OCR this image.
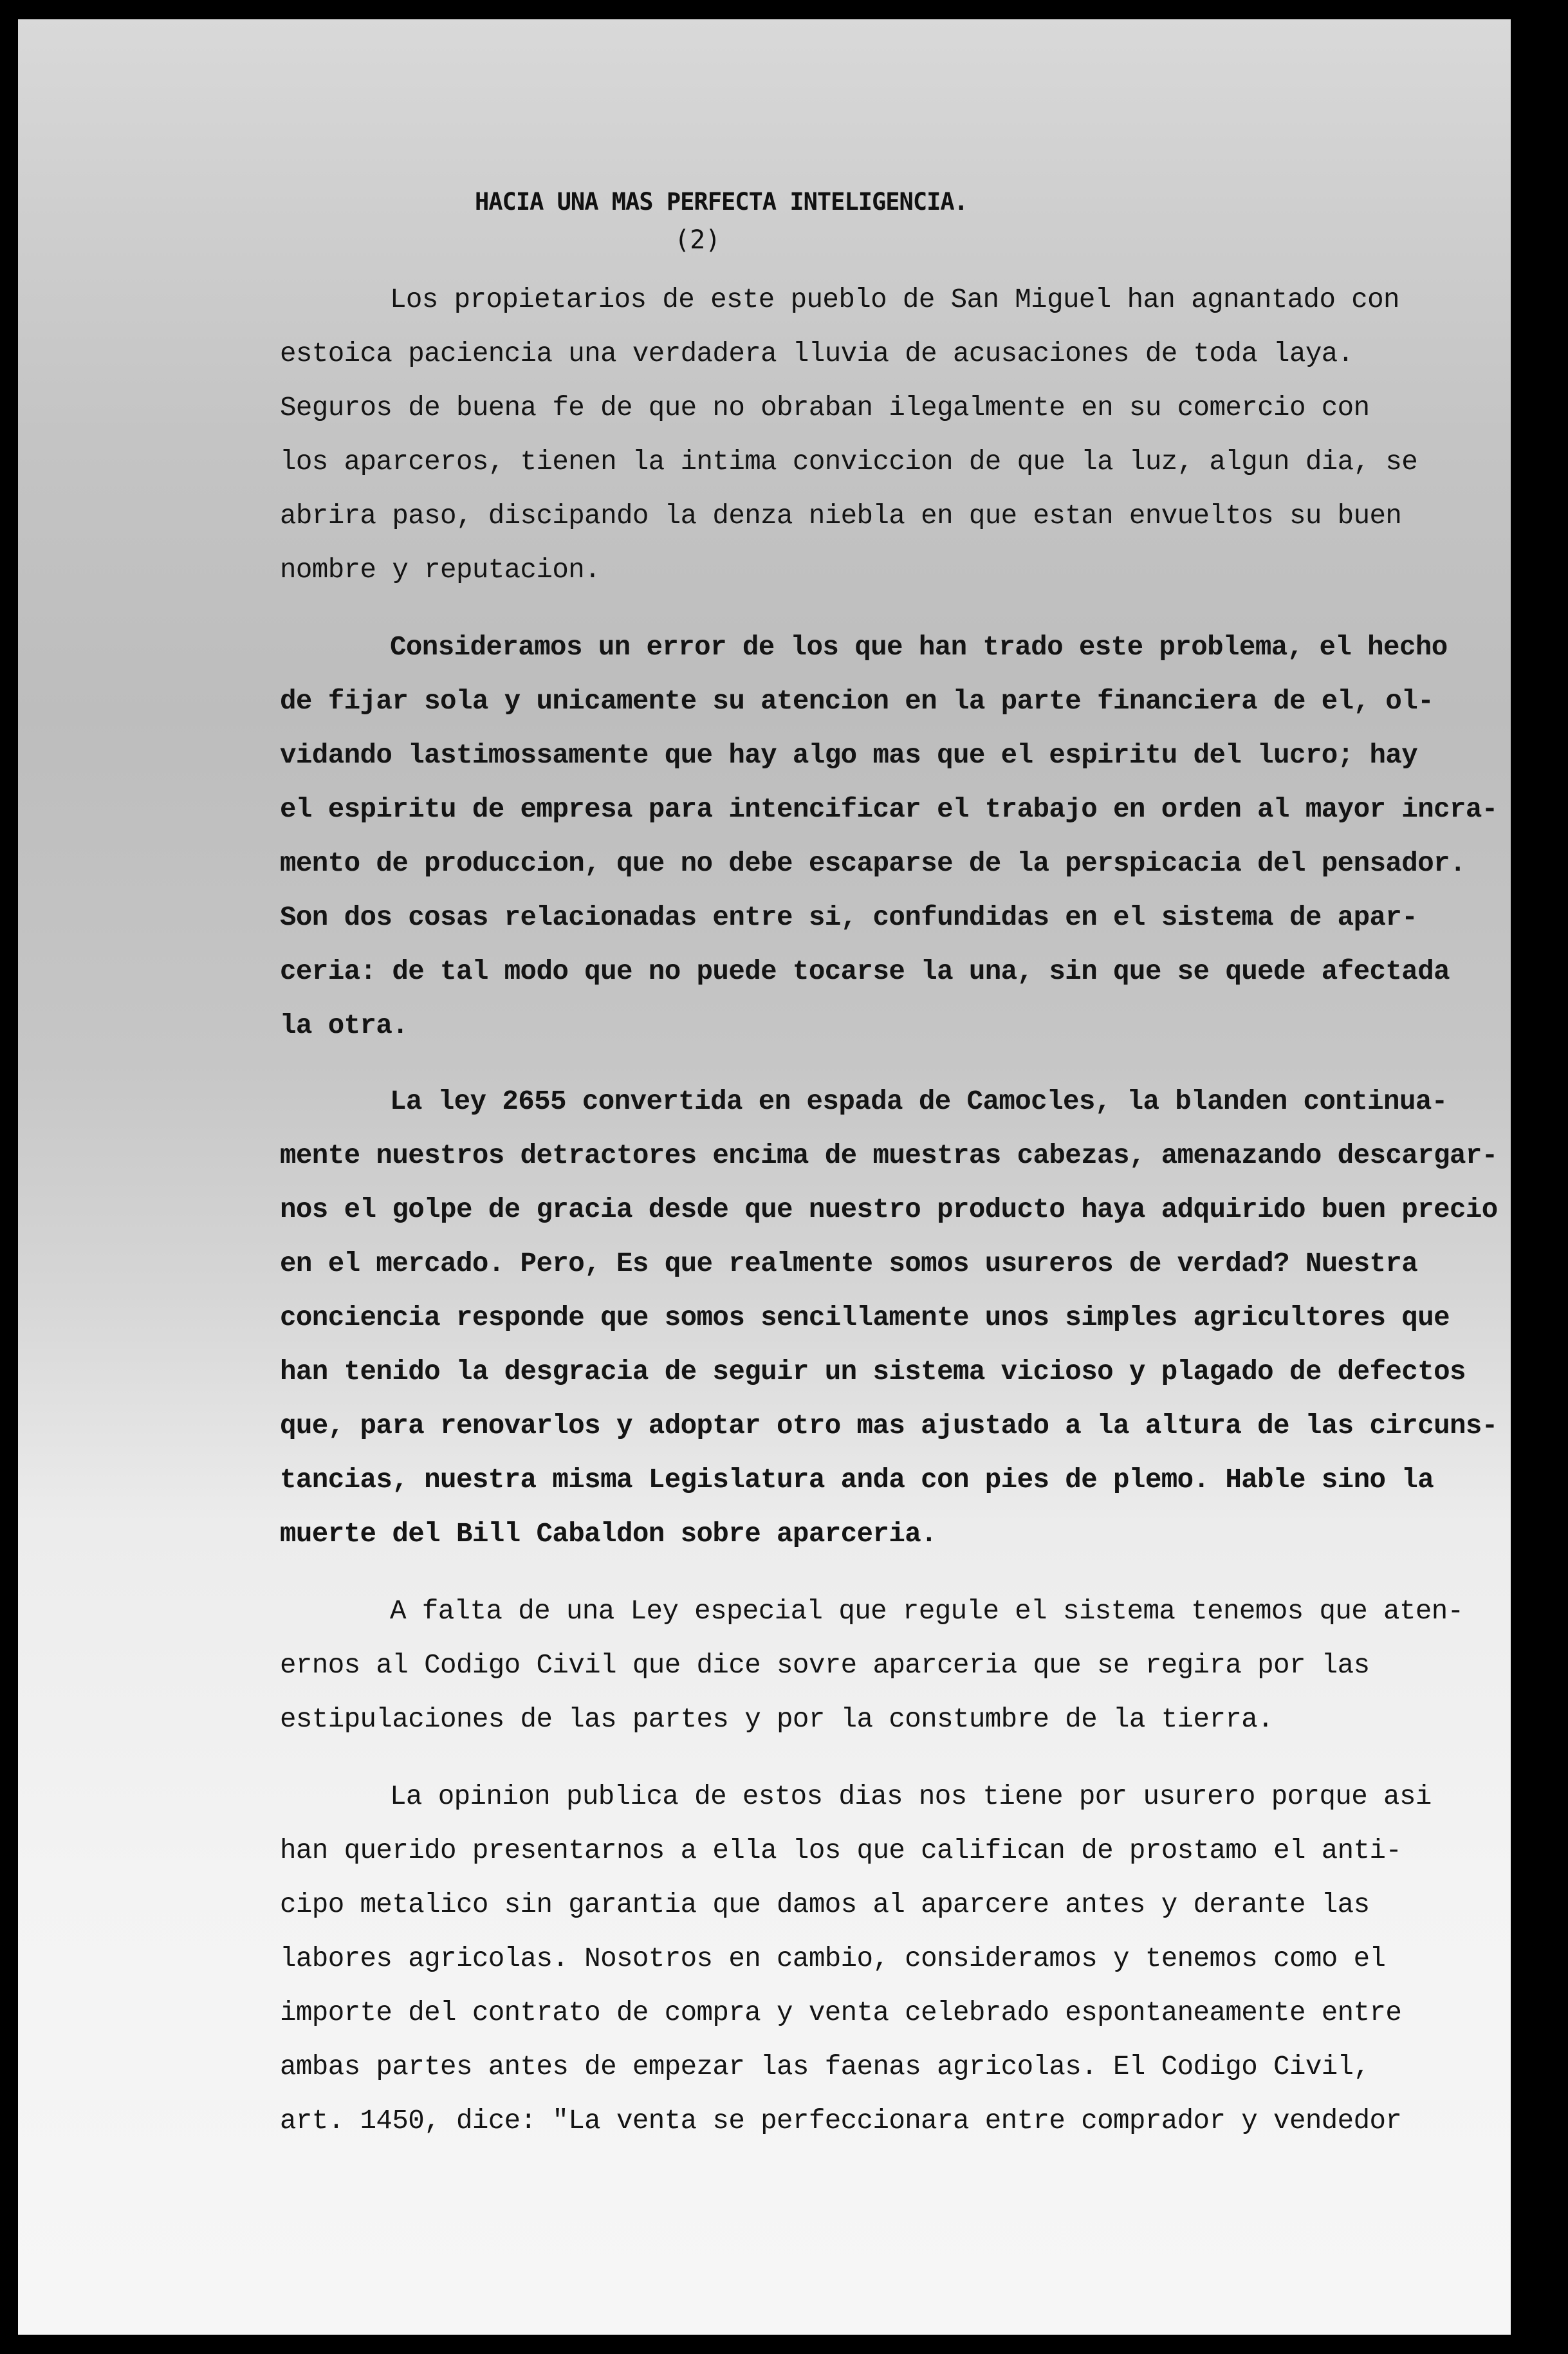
HACIA UNA MAS PERFECTA INTELIGENCIA.
(2)
Los propietarios de este pueblo de San Miguel han agnantado con
estoica paciencia una verdadera lluvia de acusaciones de toda laya.
Seguros de buena fe de que no obraban ilegalmente en su comercio con
los aparceros, tienen la intima conviccion de que la luz, algun dia, se
abrira paso, discipando la denza niebla en que estan envueltos su buen
nombre y reputacion.
Consideramos un error de los que han trado este problema, el hecho
de fijar sola y unicamente su atencion en la parte financiera de el, ol-
vidando lastimossamente que hay algo mas que el espiritu del lucro; hay
el espiritu de empresa para intencificar el trabajo en orden al mayor incra-
mento de produccion, que no debe escaparse de la perspicacia del pensador.
Son dos cosas relacionadas entre si, confundidas en el sistema de apar-
ceria: de tal modo que no puede tocarse la una, sin que se quede afectada
la otra.
La ley 2655 convertida en espada de Camocles, la blanden continua-
mente nuestros detractores encima de muestras cabezas, amenazando descargar-
nos el golpe de gracia desde que nuestro producto haya adquirido buen precio
en el mercado. Pero, Es que realmente somos usureros de verdad? Nuestra
conciencia responde que somos sencillamente unos simples agricultores que
han tenido la desgracia de seguir un sistema vicioso y plagado de defectos
que, para renovarlos y adoptar otro mas ajustado a la altura de las circuns-
tancias, nuestra misma Legislatura anda con pies de plemo. Hable sino la
muerte del Bill Cabaldon sobre aparceria.
A falta de una Ley especial que regule el sistema tenemos que aten-
ernos al Codigo Civil que dice sovre aparceria que se regira por las
estipulaciones de las partes y por la constumbre de la tierra.
La opinion publica de estos dias nos tiene por usurero porque asi
han querido presentarnos a ella los que califican de prostamo el anti-
cipo metalico sin garantia que damos al aparcere antes y derante las
labores agricolas. Nosotros en cambio, consideramos y tenemos como el
importe del contrato de compra y venta celebrado espontaneamente entre
ambas partes antes de empezar las faenas agricolas. El Codigo Civil,
art. 1450, dice: "La venta se perfeccionara entre comprador y vendedor
